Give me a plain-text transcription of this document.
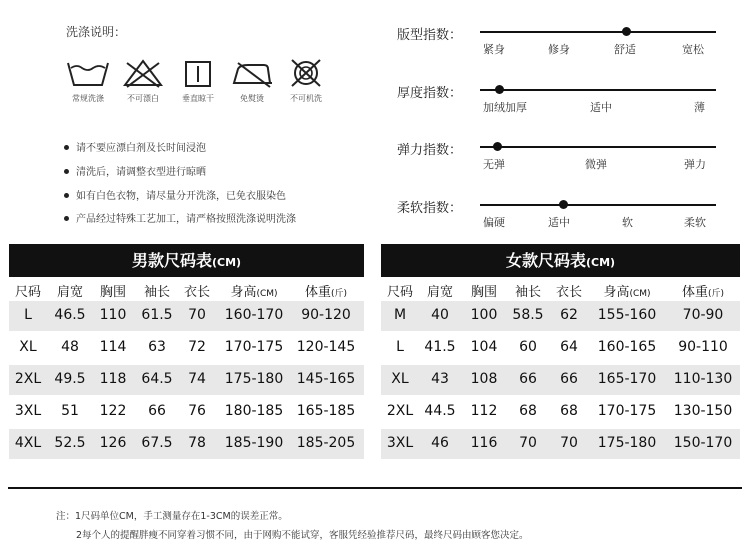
洗涤说明：
常规洗涤	不可漂白	垂直晾干	免熨烫	不可机洗
请不要应漂白剂及长时间浸泡
清洗后，请调整衣型进行晾晒
如有白色衣物，请尽量分开洗涤，已免衣服染色
产品经过特殊工艺加工，请严格按照洗涤说明洗涤
版型指数：
紧身	修身	舒适	宽松
厚度指数：
加绒加厚	适中	薄
弹力指数：
无弹	微弹	弹力
柔软指数：
偏硬	适中	软	柔软
男款尺码表(CM)
尺码 肩宽 胸围 袖长 衣长 身高(CM) 体重(斤)
L 46.5 110 61.5 70 160-170 90-120
XL 48 114 63 72 170-175 120-145
2XL 49.5 118 64.5 74 175-180 145-165
3XL 51 122 66 76 180-185 165-185
4XL 52.5 126 67.5 78 185-190 185-205
女款尺码表(CM)
尺码 肩宽 胸围 袖长 衣长 身高(CM) 体重(斤)
M 40 100 58.5 62 155-160 70-90
L 41.5 104 60 64 160-165 90-110
XL 43 108 66 66 165-170 110-130
2XL 44.5 112 68 68 170-175 130-150
3XL 46 116 70 70 175-180 150-170
注：1尺码单位CM，手工测量存在1-3CM的误差正常。
2每个人的提醒胖瘦不同穿着习惯不同，由于网购不能试穿，客服凭经验推荐尺码，最终尺码由顾客您决定。
